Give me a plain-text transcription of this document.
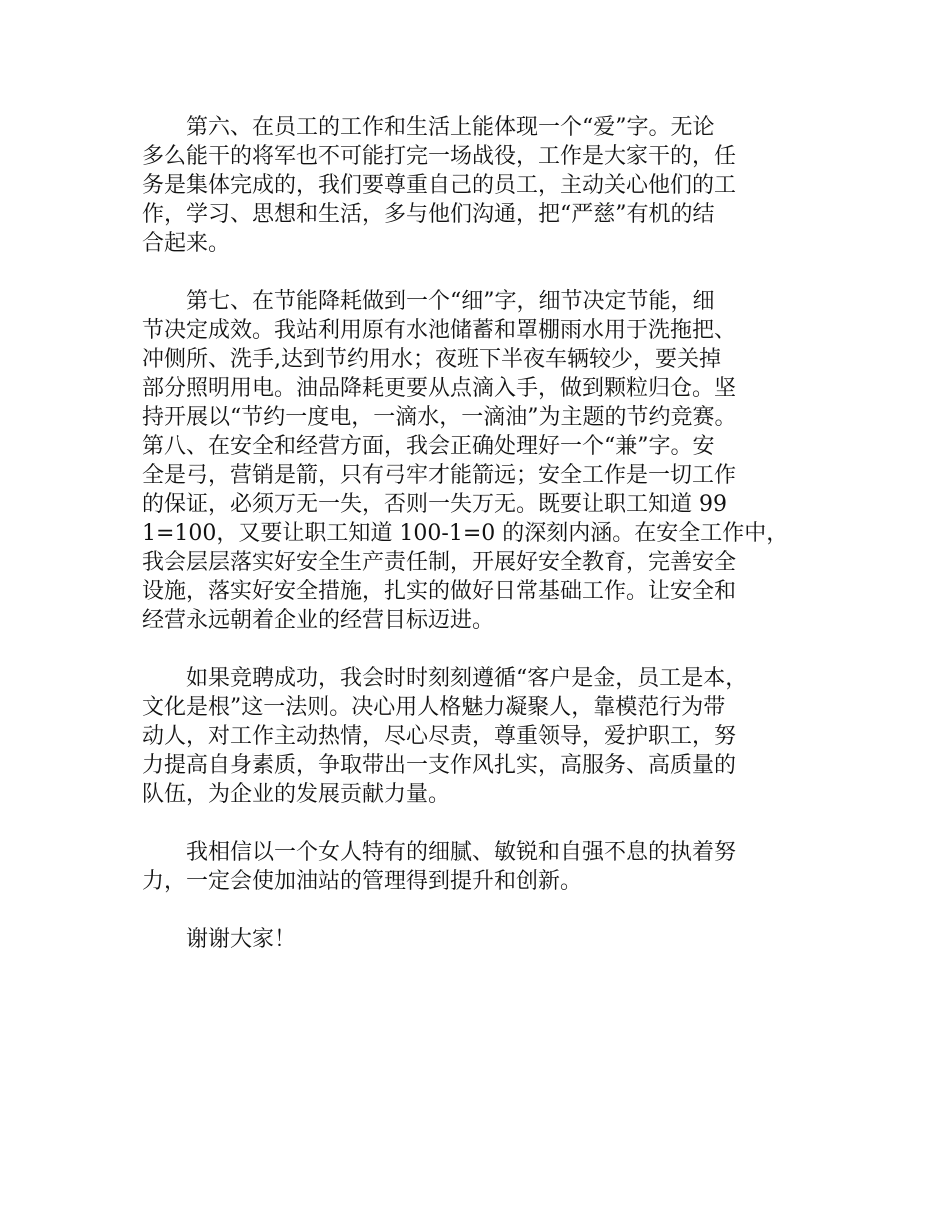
　　第六、在员工的工作和生活上能体现一个“爱”字。无论
多么能干的将军也不可能打完一场战役，工作是大家干的，任
务是集体完成的，我们要尊重自己的员工，主动关心他们的工
作，学习、思想和生活，多与他们沟通，把“严慈”有机的结
合起来。
　　第七、在节能降耗做到一个“细”字，细节决定节能，细
节决定成效。我站利用原有水池储蓄和罩棚雨水用于洗拖把、
冲侧所、洗手,达到节约用水；夜班下半夜车辆较少，要关掉
部分照明用电。油品降耗更要从点滴入手，做到颗粒归仓。坚
持开展以“节约一度电，一滴水，一滴油”为主题的节约竞赛。
第八、在安全和经营方面，我会正确处理好一个“兼”字。安
全是弓，营销是箭，只有弓牢才能箭远；安全工作是一切工作
的保证，必须万无一失，否则一失万无。既要让职工知道 99
1=100，又要让职工知道 100-1=0 的深刻内涵。在安全工作中，
我会层层落实好安全生产责任制，开展好安全教育，完善安全
设施，落实好安全措施，扎实的做好日常基础工作。让安全和
经营永远朝着企业的经营目标迈进。
　　如果竞聘成功，我会时时刻刻遵循“客户是金，员工是本，
文化是根”这一法则。决心用人格魅力凝聚人，靠模范行为带
动人，对工作主动热情，尽心尽责，尊重领导，爱护职工，努
力提高自身素质，争取带出一支作风扎实，高服务、高质量的
队伍，为企业的发展贡献力量。
　　我相信以一个女人特有的细腻、敏锐和自强不息的执着努
力，一定会使加油站的管理得到提升和创新。
　　谢谢大家！
